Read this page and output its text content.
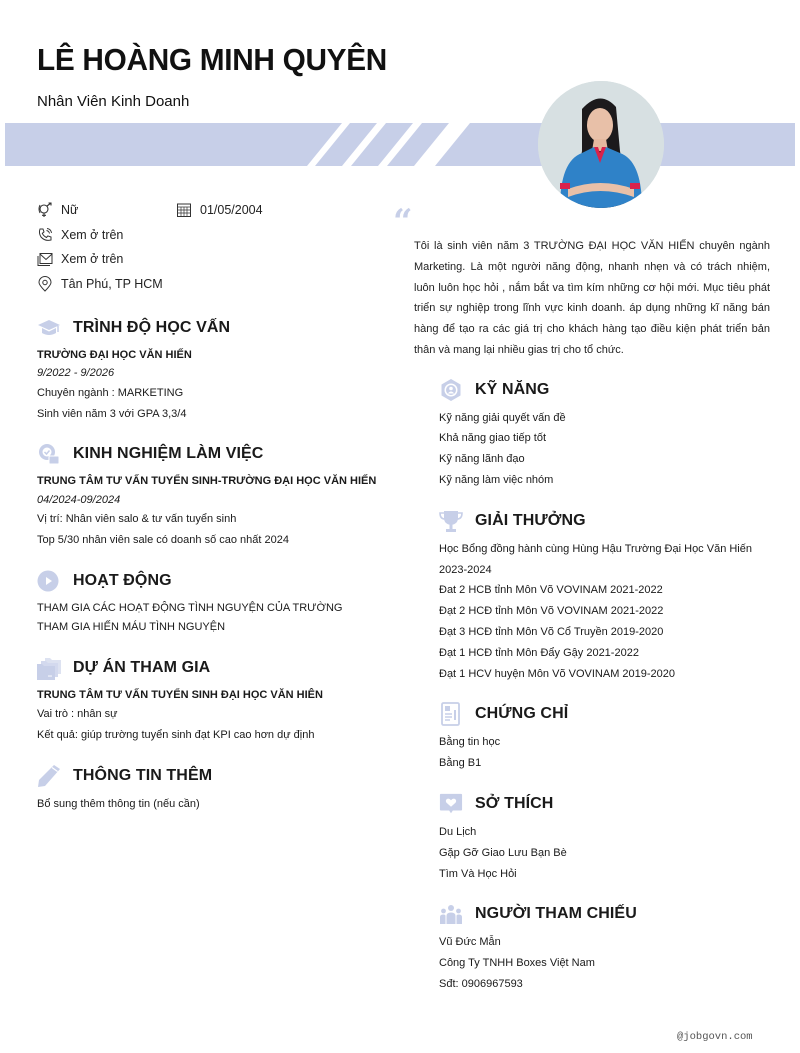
LÊ HOÀNG MINH QUYÊN
Nhân Viên Kinh Doanh
Nữ	01/05/2004
Xem ở trên
Xem ở trên
Tân Phú, TP HCM
“
Tôi là sinh viên năm 3 TRƯỜNG ĐẠI HỌC VĂN HIẾN chuyên ngành Marketing. Là một người năng động, nhanh nhẹn và có trách nhiệm, luôn luôn học hỏi , nắm bắt va tìm kím những cơ hội mới. Mục tiêu phát triển sự nghiệp trong lĩnh vực kinh doanh. áp dụng những kĩ năng bán hàng để tạo ra các giá trị cho khách hàng tạo điều kiện phát triển bản thân và mang lại nhiều gias trị cho tổ chức.
TRÌNH ĐỘ HỌC VẤN
TRƯỜNG ĐẠI HỌC VĂN HIẾN
9/2022 - 9/2026
Chuyên ngành : MARKETING
Sinh viên năm 3 với GPA 3,3/4
KINH NGHIỆM LÀM VIỆC
TRUNG TÂM TƯ VẤN TUYỂN SINH-TRƯỜNG ĐẠI HỌC VĂN HIẾN
04/2024-09/2024
Vị trí: Nhân viên salo & tư vấn tuyển sinh
Top 5/30 nhân viên sale có doanh số cao nhất 2024
HOẠT ĐỘNG
THAM GIA CÁC HOẠT ĐỘNG TÌNH NGUYỆN CỦA TRƯỜNG
THAM GIA HIẾN MÁU TÌNH NGUYỆN
DỰ ÁN THAM GIA
TRUNG TÂM TƯ VẤN TUYỂN SINH ĐẠI HỌC VĂN HIÊN
Vai trò : nhân sự
Kết quả: giúp trường tuyển sinh đạt KPI cao hơn dự định
THÔNG TIN THÊM
Bổ sung thêm thông tin (nếu cần)
KỸ NĂNG
Kỹ năng giải quyết vấn đề
Khả năng giao tiếp tốt
Kỹ năng lãnh đạo
Kỹ năng làm việc nhóm
GIẢI THƯỞNG
Học Bổng đồng hành cùng Hùng Hậu Trường Đại Học Văn Hiến
2023-2024
Đat 2 HCB tỉnh Môn Võ VOVINAM 2021-2022
Đạt 2 HCĐ tỉnh Môn Võ VOVINAM 2021-2022
Đạt 3 HCĐ tỉnh Môn Võ Cổ Truyền 2019-2020
Đạt 1 HCĐ tỉnh Môn Đẩy Gậy 2021-2022
Đạt 1 HCV huyện Môn Võ VOVINAM 2019-2020
CHỨNG CHỈ
Bằng tin học
Bằng B1
SỞ THÍCH
Du Lịch
Gặp Gỡ Giao Lưu Bạn Bè
Tìm Và Học Hỏi
NGƯỜI THAM CHIẾU
Vũ Đức Mẫn
Công Ty TNHH Boxes Việt Nam
Sđt: 0906967593
@jobgovn.com
